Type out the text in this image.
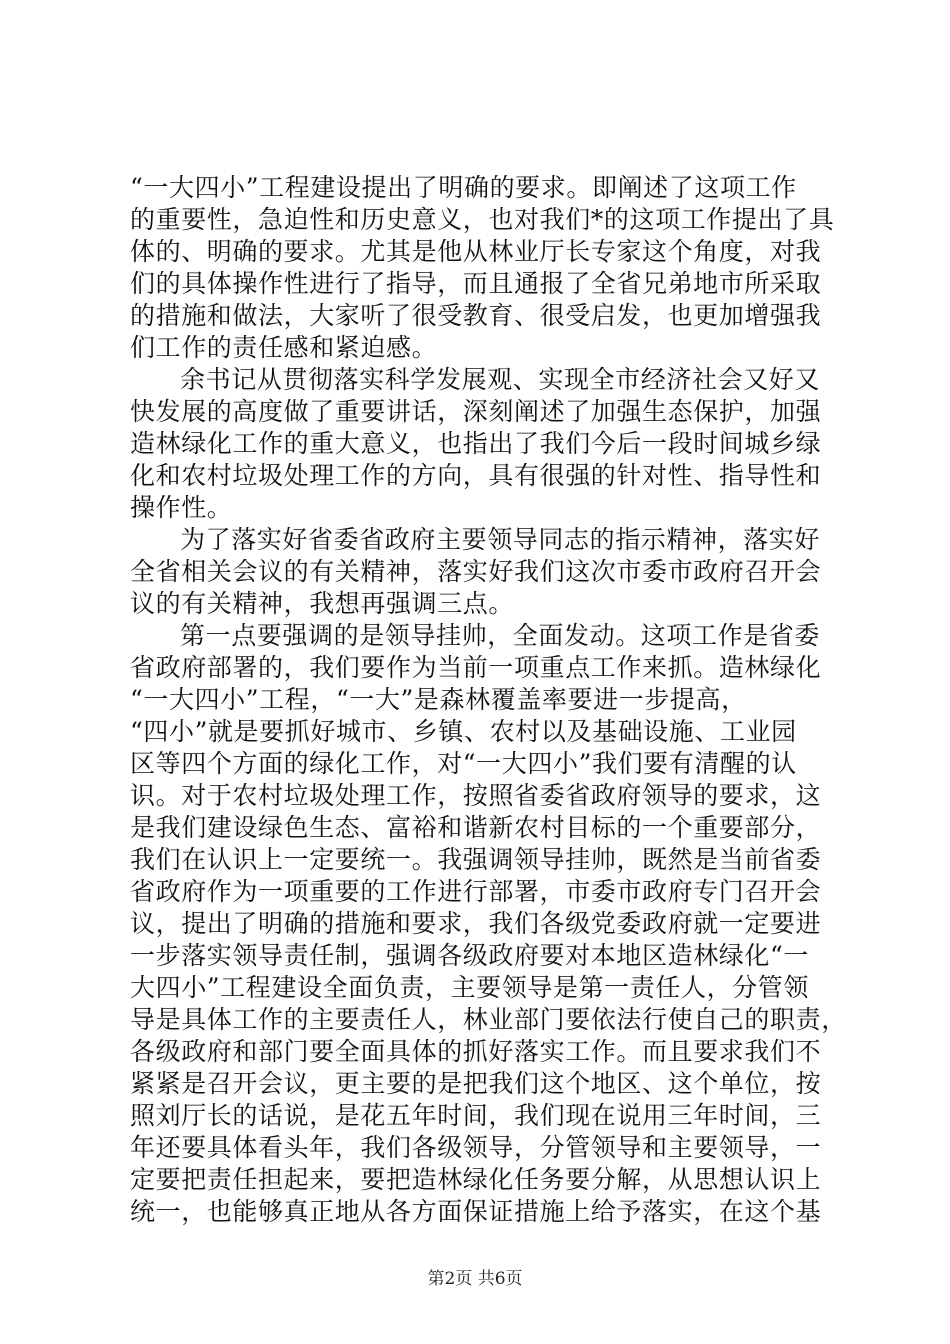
“一大四小”工程建设提出了明确的要求。即阐述了这项工作
的重要性，急迫性和历史意义，也对我们*的这项工作提出了具
体的、明确的要求。尤其是他从林业厅长专家这个角度，对我
们的具体操作性进行了指导，而且通报了全省兄弟地市所采取
的措施和做法，大家听了很受教育、很受启发，也更加增强我
们工作的责任感和紧迫感。
余书记从贯彻落实科学发展观、实现全市经济社会又好又
快发展的高度做了重要讲话，深刻阐述了加强生态保护，加强
造林绿化工作的重大意义，也指出了我们今后一段时间城乡绿
化和农村垃圾处理工作的方向，具有很强的针对性、指导性和
操作性。
为了落实好省委省政府主要领导同志的指示精神，落实好
全省相关会议的有关精神，落实好我们这次市委市政府召开会
议的有关精神，我想再强调三点。
第一点要强调的是领导挂帅，全面发动。这项工作是省委
省政府部署的，我们要作为当前一项重点工作来抓。造林绿化
“一大四小”工程，“一大”是森林覆盖率要进一步提高，
“四小”就是要抓好城市、乡镇、农村以及基础设施、工业园
区等四个方面的绿化工作，对“一大四小”我们要有清醒的认
识。对于农村垃圾处理工作，按照省委省政府领导的要求，这
是我们建设绿色生态、富裕和谐新农村目标的一个重要部分，
我们在认识上一定要统一。我强调领导挂帅，既然是当前省委
省政府作为一项重要的工作进行部署，市委市政府专门召开会
议，提出了明确的措施和要求，我们各级党委政府就一定要进
一步落实领导责任制，强调各级政府要对本地区造林绿化“一
大四小”工程建设全面负责，主要领导是第一责任人，分管领
导是具体工作的主要责任人，林业部门要依法行使自己的职责，
各级政府和部门要全面具体的抓好落实工作。而且要求我们不
紧紧是召开会议，更主要的是把我们这个地区、这个单位，按
照刘厅长的话说，是花五年时间，我们现在说用三年时间，三
年还要具体看头年，我们各级领导，分管领导和主要领导，一
定要把责任担起来，要把造林绿化任务要分解，从思想认识上
统一，也能够真正地从各方面保证措施上给予落实，在这个基
第2页 共6页
